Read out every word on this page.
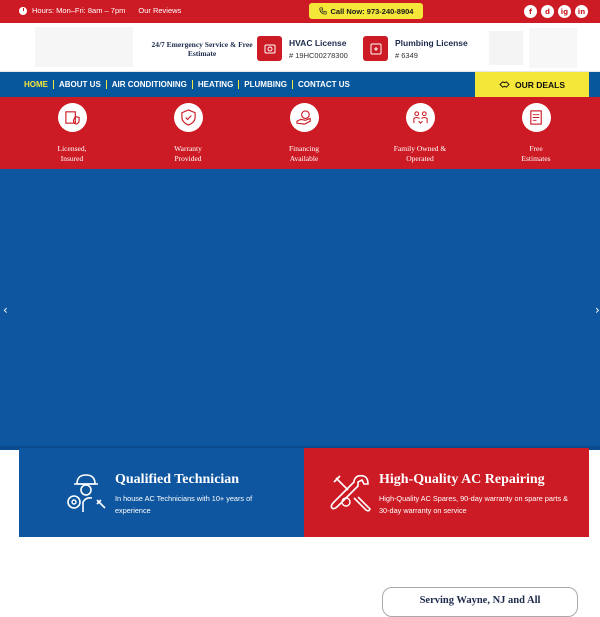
Hours: Mon–Fri: 8am – 7pm Our Reviews	Call Now: 973-240-8904	f	d	ig	in
24/7 Emergency Service & Free Estimate
HVAC License
# 19HC00278300
Plumbing License
# 6349
HOME ABOUT US AIR CONDITIONING HEATING PLUMBING CONTACT US	OUR DEALS
Licensed,
Insured
Warranty
Provided
Financing
Available
Family Owned &
Operated
Free
Estimates
‹	›
Qualified Technician
In house AC Technicians with 10+ years of experience
High-Quality AC Repairing
High-Quality AC Spares, 90-day warranty on spare parts & 30-day warranty on service
Serving Wayne, NJ and All
